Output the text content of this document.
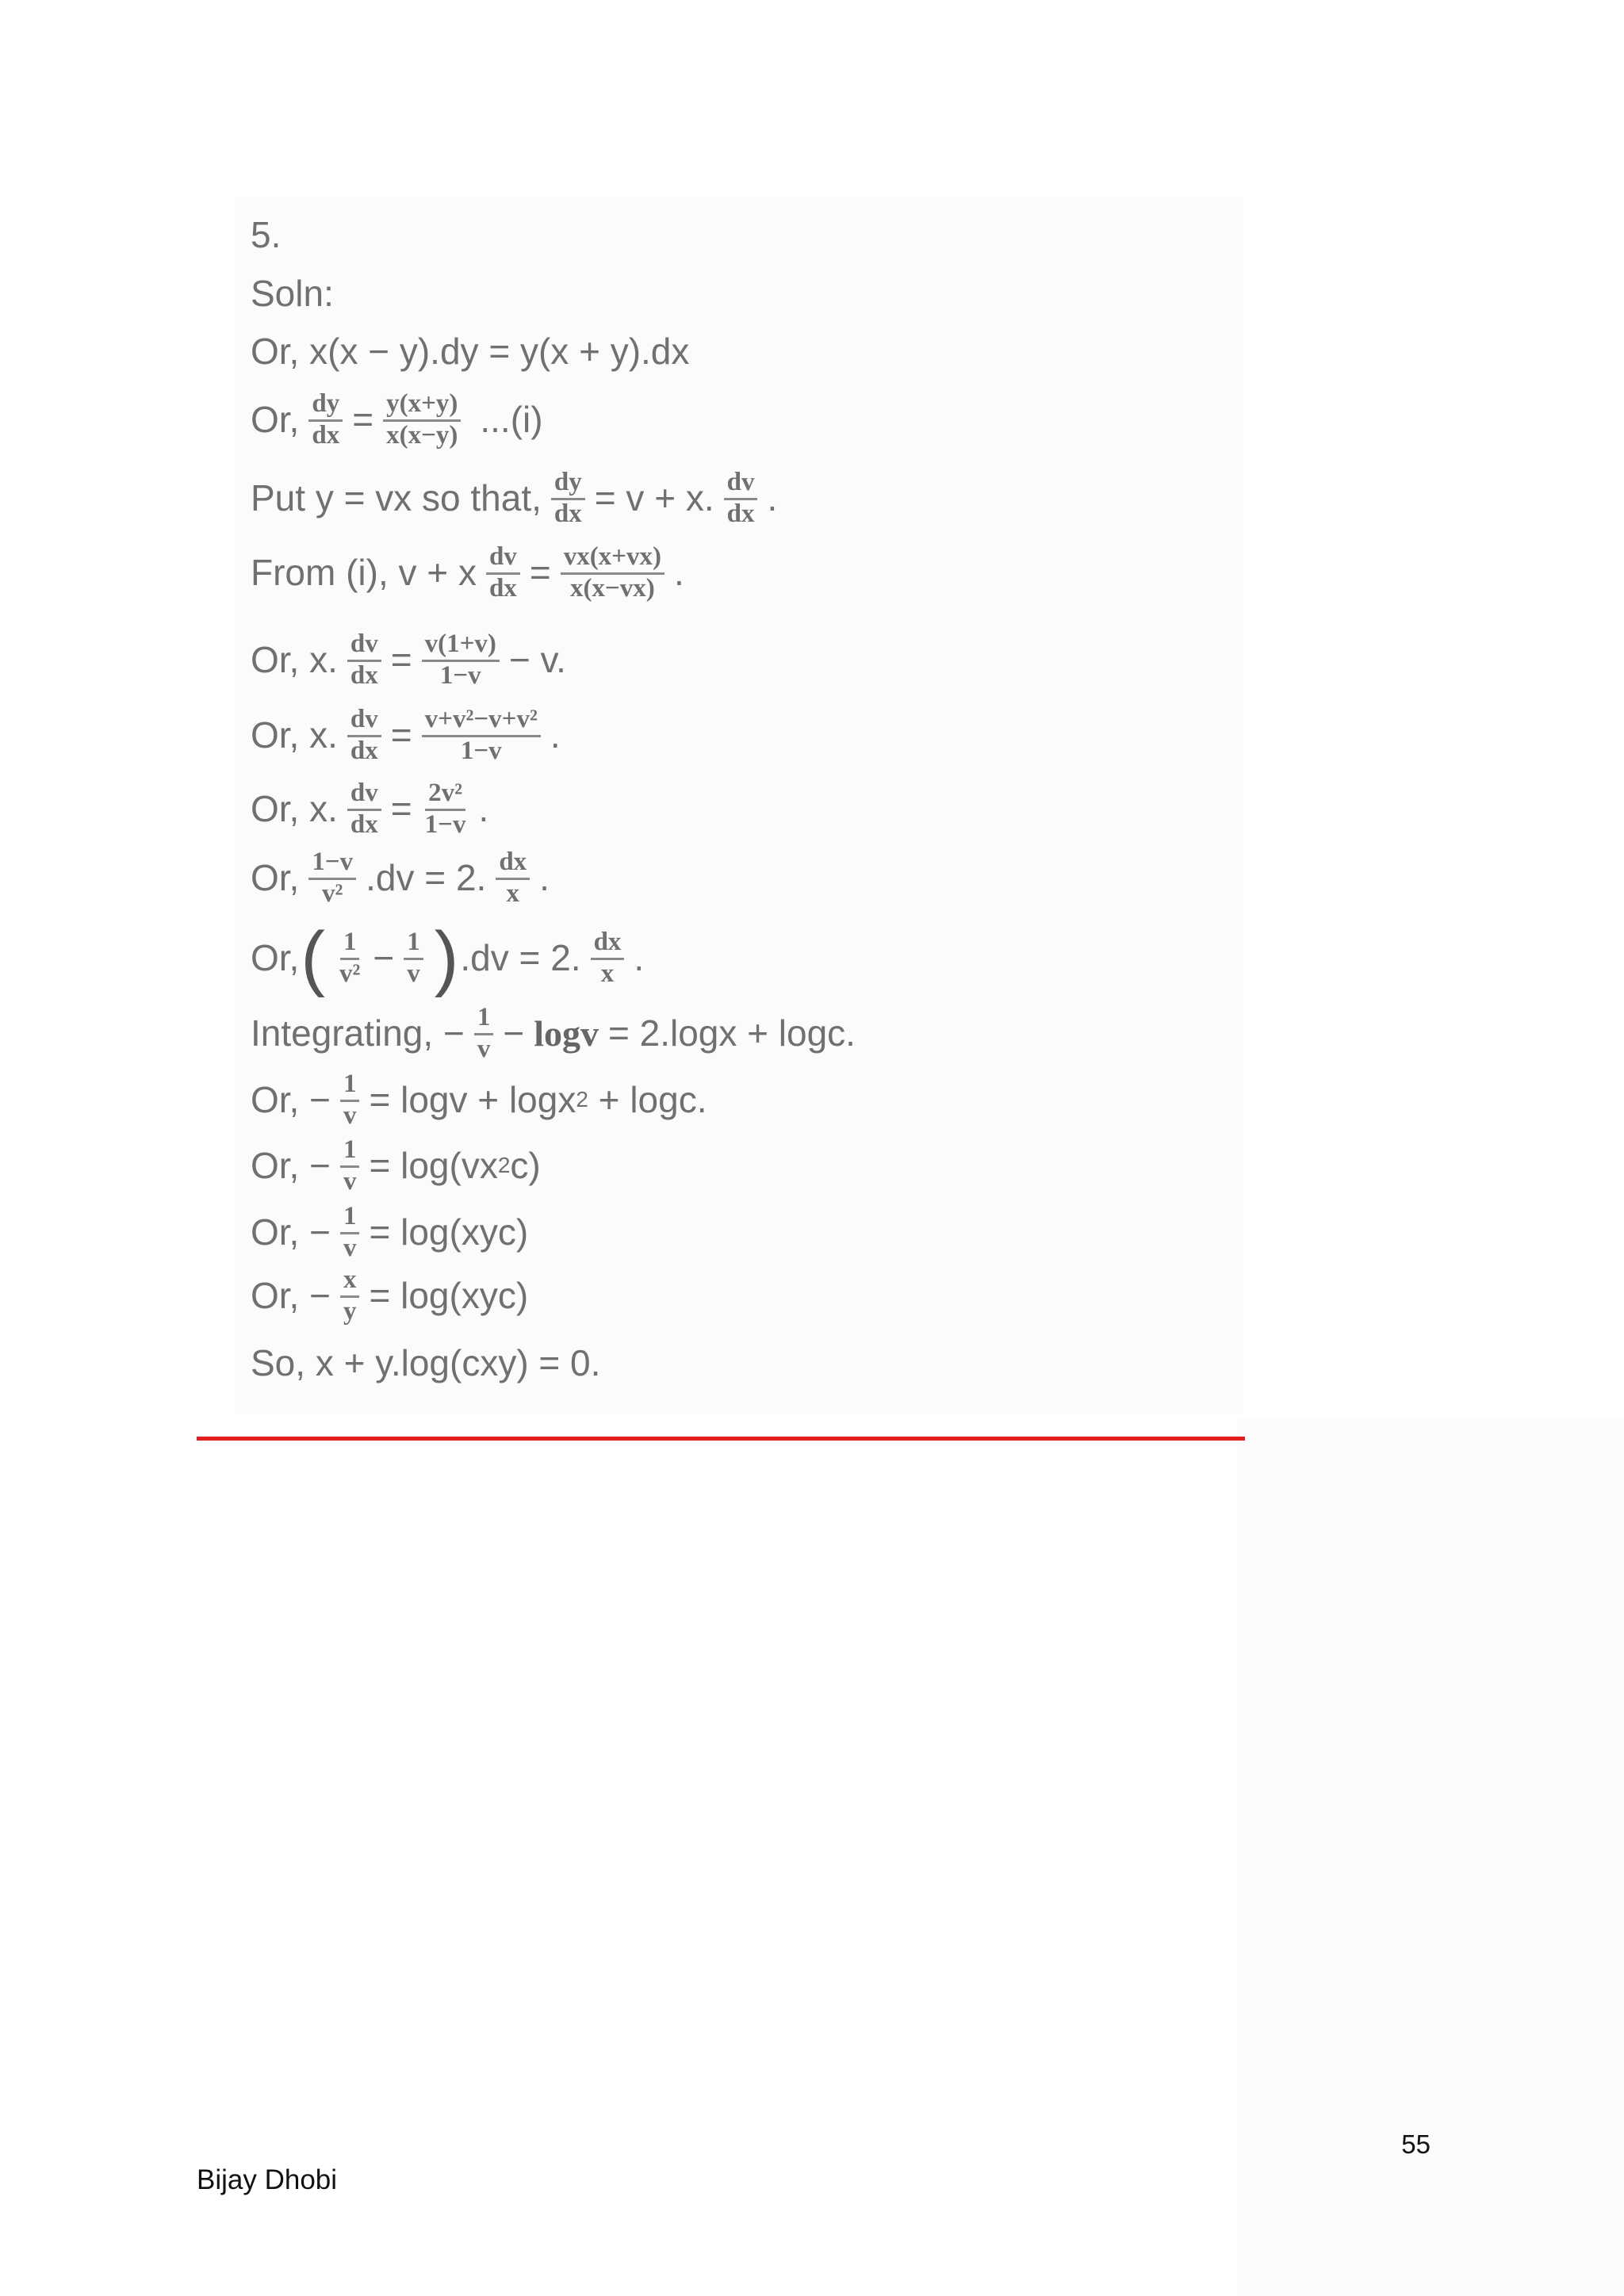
5.
Soln:
Or, x(x − y).dy = y(x + y).dx
Or, $\frac{dy}{dx} = \frac{y(x+y)}{x(x-y)} ...(i)$
Put y = vx so that, $\frac{dy}{dx} = v + x$. $\frac{dv}{dx}$ .
From (i), v + x $\frac{dv}{dx} = \frac{vx(x+vx)}{x(x-vx)}$ .
Or, x. $\frac{dv}{dx} = \frac{v(1+v)}{1-v} - v$.
Or, x. $\frac{dv}{dx} = \frac{\text{v+v²−v+v²}}{1-v}$ .
Or, x. $\frac{dv}{dx} = \frac{\text{2v²}}{1-v}$ .
Or, $\frac{1-v}{\text{v²}} .dv = 2$. $\frac{dx}{x}$ .
Or, ( $\frac{1}{\text{v²}} - \frac{1}{v}$ ) .dv = 2. $\frac{dx}{x}$ .
Integrating, − $\frac{1}{v} - \log v = 2.\log x + \log c$.
Or, − $\frac{1}{v} = \log v + \log x$ 2 + logc.
Or, − $\frac{1}{v} = \log(vx$ 2 c)
Or, − $\frac{1}{v} = \log(xyc)$
Or, − $\frac{x}{y} = \log(xyc)$
So, x + y.log(cxy) = 0.
55
Bijay Dhobi
